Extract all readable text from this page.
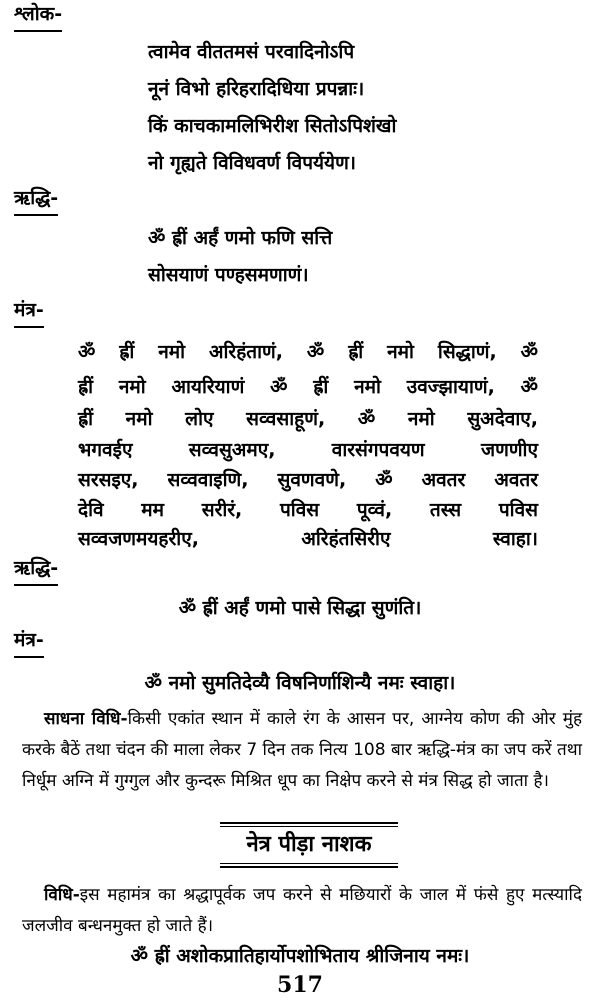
श्लोक-
त्वामेव वीततमसं परवादिनोऽपि
नूनं विभो हरिहरादिधिया प्रपन्नाः।
किं काचकामलिभिरीश सितोऽपिशंखो
नो गृह्यते विविधवर्ण विपर्ययेण।
ऋद्धि-
ॐ ह्रीं अर्हं णमो फणि सत्ति
सोसयाणं पण्हसमणाणं।
मंत्र-
ॐ ह्रीं नमो अरिहंताणं, ॐ ह्रीं नमो सिद्धाणं, ॐ
ह्रीं नमो आयरियाणं ॐ ह्रीं नमो उवज्झायाणं, ॐ
ह्रीं नमो लोए सव्वसाहूणं, ॐ नमो सुअदेवाए,
भगवईए सव्वसुअमए, वारसंगपवयण जणणीए
सरसइए, सव्ववाइणि, सुवणवणे, ॐ अवतर अवतर
देवि मम सरीरं, पविस पूव्वं, तस्स पविस
सव्वजणमयहरीए, अरिहंतसिरीए स्वाहा।
ऋद्धि-
ॐ ह्रीं अर्हं णमो पासे सिद्धा सुणंति।
मंत्र-
ॐ नमो सुमतिदेव्यै विषनिर्णाशिन्यै नमः स्वाहा।
साधना विधि-किसी एकांत स्थान में काले रंग के आसन पर, आग्नेय कोण की ओर मुंह करके बैठें तथा चंदन की माला लेकर 7 दिन तक नित्य 108 बार ऋद्धि-मंत्र का जप करें तथा निर्धूम अग्नि में गुग्गुल और कुन्दरू मिश्रित धूप का निक्षेप करने से मंत्र सिद्ध हो जाता है।
नेत्र पीड़ा नाशक
विधि-इस महामंत्र का श्रद्धापूर्वक जप करने से मछियारों के जाल में फंसे हुए मत्स्यादि जलजीव बन्धनमुक्त हो जाते हैं।
ॐ ह्रीं अशोकप्रातिहार्योपशोभिताय श्रीजिनाय नमः।
517
